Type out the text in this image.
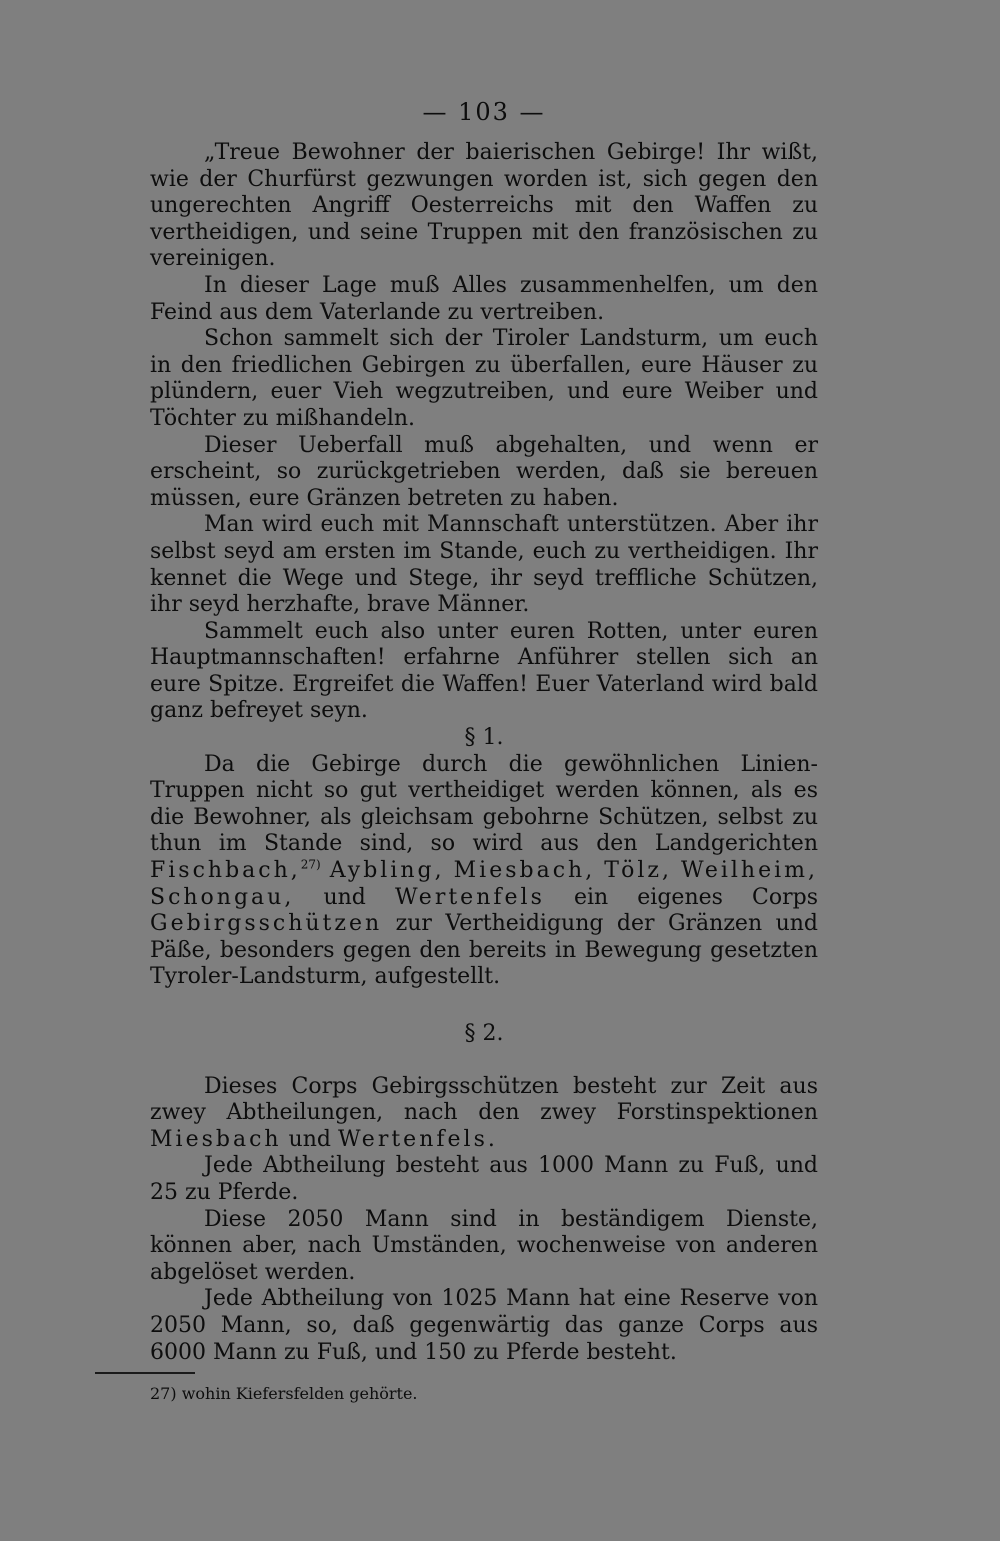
— 103 —

„Treue Bewohner der baierischen Gebirge! Ihr wißt, wie der Churfürst gezwungen worden ist, sich gegen den ungerechten Angriff Oesterreichs mit den Waffen zu vertheidigen, und seine Truppen mit den französischen zu vereinigen.

In dieser Lage muß Alles zusammenhelfen, um den Feind aus dem Vaterlande zu vertreiben.

Schon sammelt sich der Tiroler Landsturm, um euch in den friedlichen Gebirgen zu überfallen, eure Häuser zu plündern, euer Vieh wegzutreiben, und eure Weiber und Töchter zu mißhandeln.

Dieser Ueberfall muß abgehalten, und wenn er erscheint, so zurückgetrieben werden, daß sie bereuen müssen, eure Gränzen betreten zu haben.

Man wird euch mit Mannschaft unterstützen. Aber ihr selbst seyd am ersten im Stande, euch zu vertheidigen. Ihr kennet die Wege und Stege, ihr seyd treffliche Schützen, ihr seyd herzhafte, brave Männer.

Sammelt euch also unter euren Rotten, unter euren Hauptmannschaften! erfahrne Anführer stellen sich an eure Spitze. Ergreifet die Waffen! Euer Vaterland wird bald ganz befreyet seyn.

§ 1.

Da die Gebirge durch die gewöhnlichen Linien-Truppen nicht so gut vertheidiget werden können, als es die Bewohner, als gleichsam gebohrne Schützen, selbst zu thun im Stande sind, so wird aus den Landgerichten Fischbach,$^{27)}$ Aybling, Miesbach, Tölz, Weilheim, Schongau, und Wertenfels ein eigenes Corps Gebirgsschützen zur Vertheidigung der Gränzen und Päße, besonders gegen den bereits in Bewegung gesetzten Tyroler-Landsturm, aufgestellt.

§ 2.

Dieses Corps Gebirgsschützen besteht zur Zeit aus zwey Abtheilungen, nach den zwey Forstinspektionen Miesbach und Wertenfels.

Jede Abtheilung besteht aus 1000 Mann zu Fuß, und 25 zu Pferde.

Diese 2050 Mann sind in beständigem Dienste, können aber, nach Umständen, wochenweise von anderen abgelöset werden.

Jede Abtheilung von 1025 Mann hat eine Reserve von 2050 Mann, so, daß gegenwärtig das ganze Corps aus 6000 Mann zu Fuß, und 150 zu Pferde besteht.

27) wohin Kiefersfelden gehörte.
